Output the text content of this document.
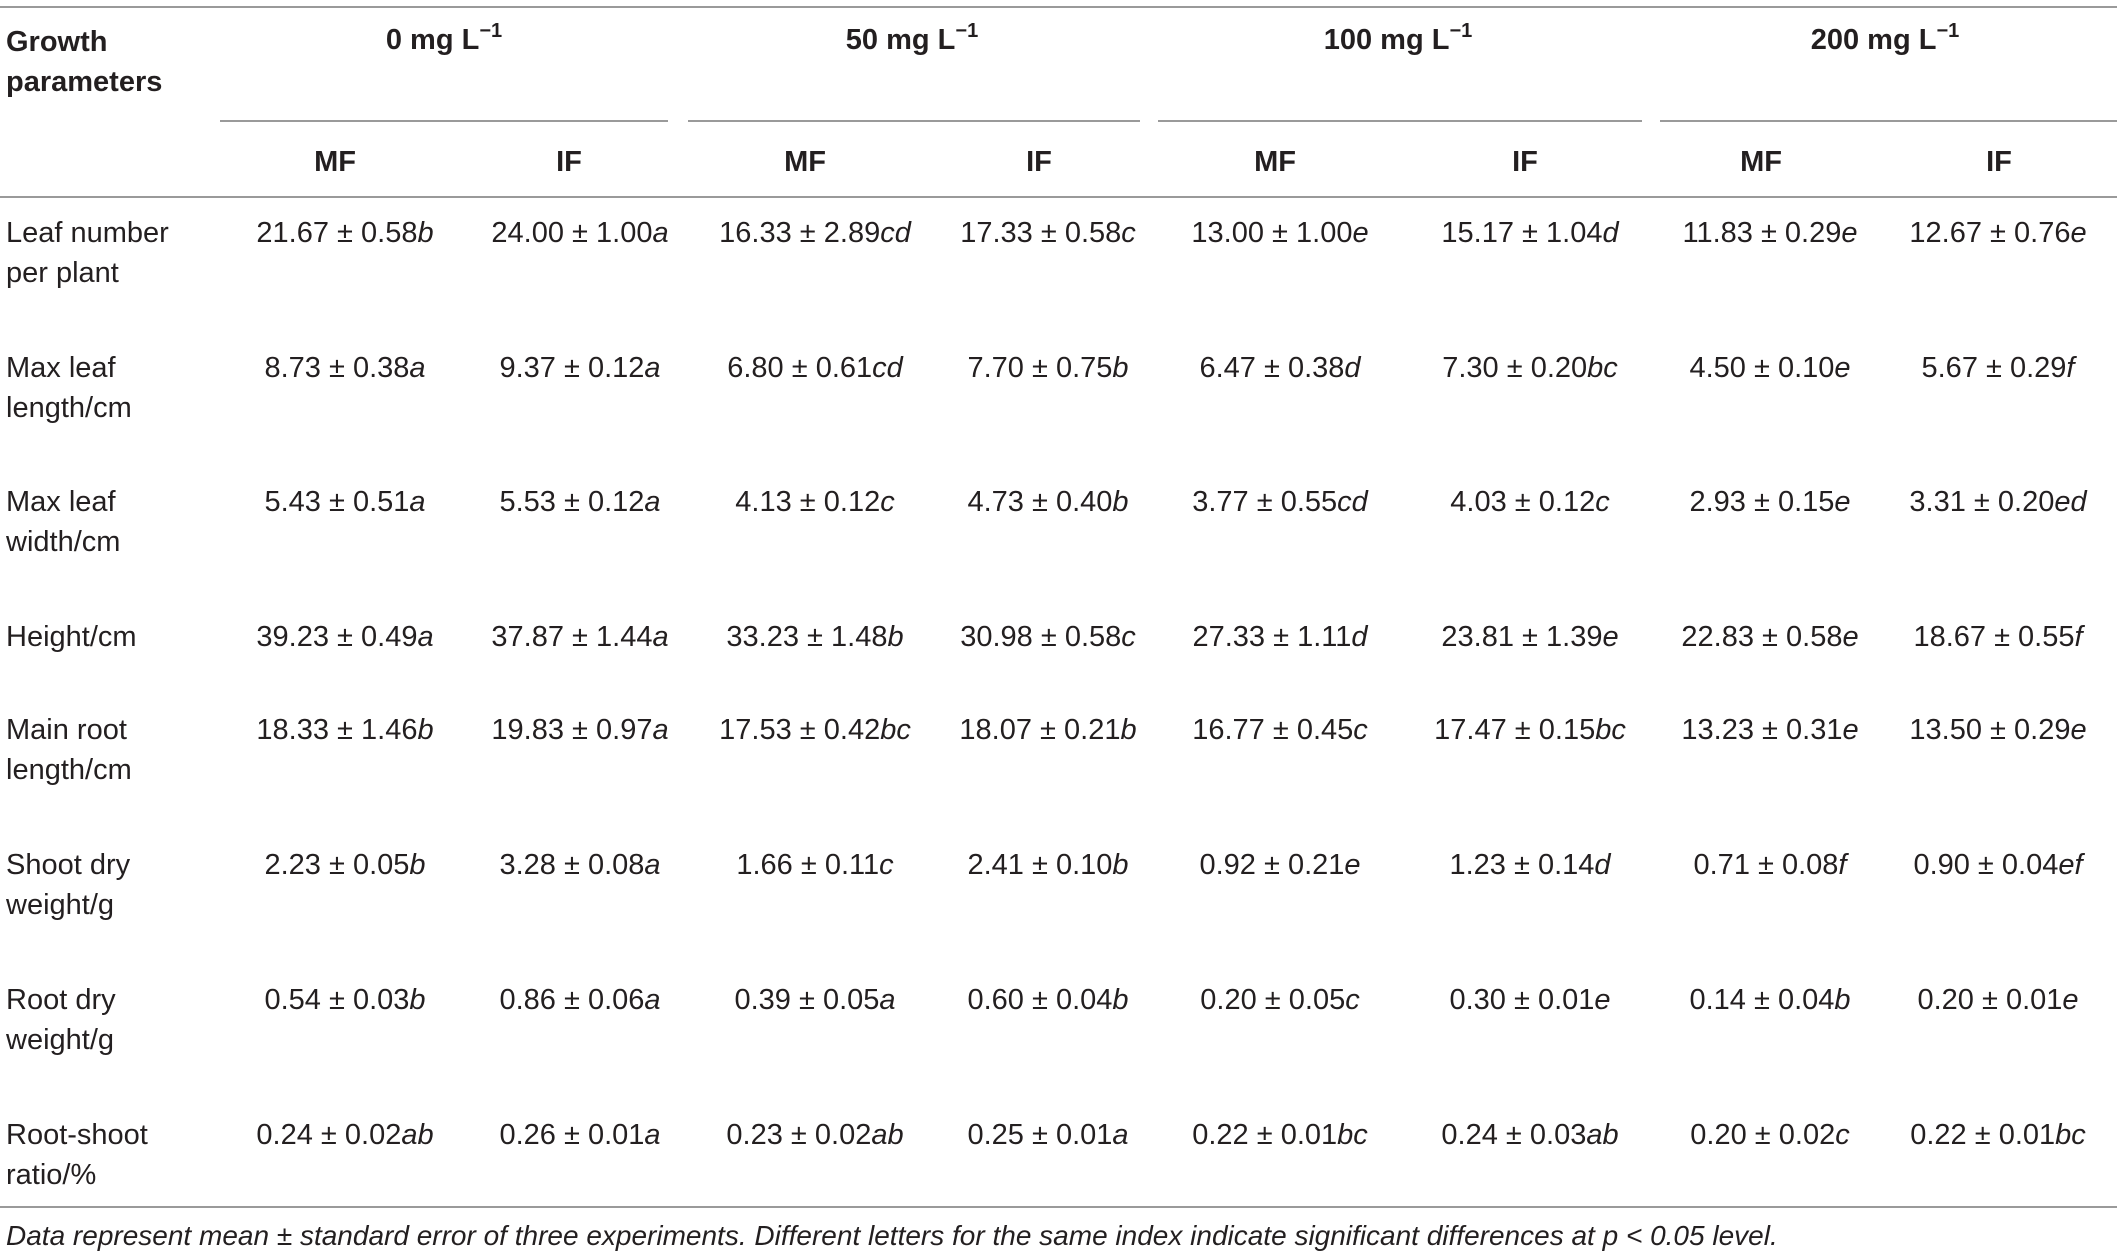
Growth
parameters
0 mg $L^{-1}$	50 mg $L^{-1}$	100 mg $L^{-1}$	200 mg $L^{-1}$
MF	IF	MF	IF	MF	IF	MF	IF
Leaf number
per plant
21.67 ± 0.58b	24.00 ± 1.00a	16.33 ± 2.89cd	17.33 ± 0.58c	13.00 ± 1.00e	15.17 ± 1.04d	11.83 ± 0.29e	12.67 ± 0.76e
Max leaf
length/cm
8.73 ± 0.38a	9.37 ± 0.12a	6.80 ± 0.61cd	7.70 ± 0.75b	6.47 ± 0.38d	7.30 ± 0.20bc	4.50 ± 0.10e	5.67 ± 0.29f
Max leaf
width/cm
5.43 ± 0.51a	5.53 ± 0.12a	4.13 ± 0.12c	4.73 ± 0.40b	3.77 ± 0.55cd	4.03 ± 0.12c	2.93 ± 0.15e	3.31 ± 0.20ed
Height/cm	39.23 ± 0.49a	37.87 ± 1.44a	33.23 ± 1.48b	30.98 ± 0.58c	27.33 ± 1.11d	23.81 ± 1.39e	22.83 ± 0.58e	18.67 ± 0.55f
Main root
length/cm
18.33 ± 1.46b	19.83 ± 0.97a	17.53 ± 0.42bc	18.07 ± 0.21b	16.77 ± 0.45c	17.47 ± 0.15bc	13.23 ± 0.31e	13.50 ± 0.29e
Shoot dry
weight/g
2.23 ± 0.05b	3.28 ± 0.08a	1.66 ± 0.11c	2.41 ± 0.10b	0.92 ± 0.21e	1.23 ± 0.14d	0.71 ± 0.08f	0.90 ± 0.04ef
Root dry
weight/g
0.54 ± 0.03b	0.86 ± 0.06a	0.39 ± 0.05a	0.60 ± 0.04b	0.20 ± 0.05c	0.30 ± 0.01e	0.14 ± 0.04b	0.20 ± 0.01e
Root-shoot
ratio/%
0.24 ± 0.02ab	0.26 ± 0.01a	0.23 ± 0.02ab	0.25 ± 0.01a	0.22 ± 0.01bc	0.24 ± 0.03ab	0.20 ± 0.02c	0.22 ± 0.01bc
Data represent mean ± standard error of three experiments. Different letters for the same index indicate significant differences at p < 0.05 level.
